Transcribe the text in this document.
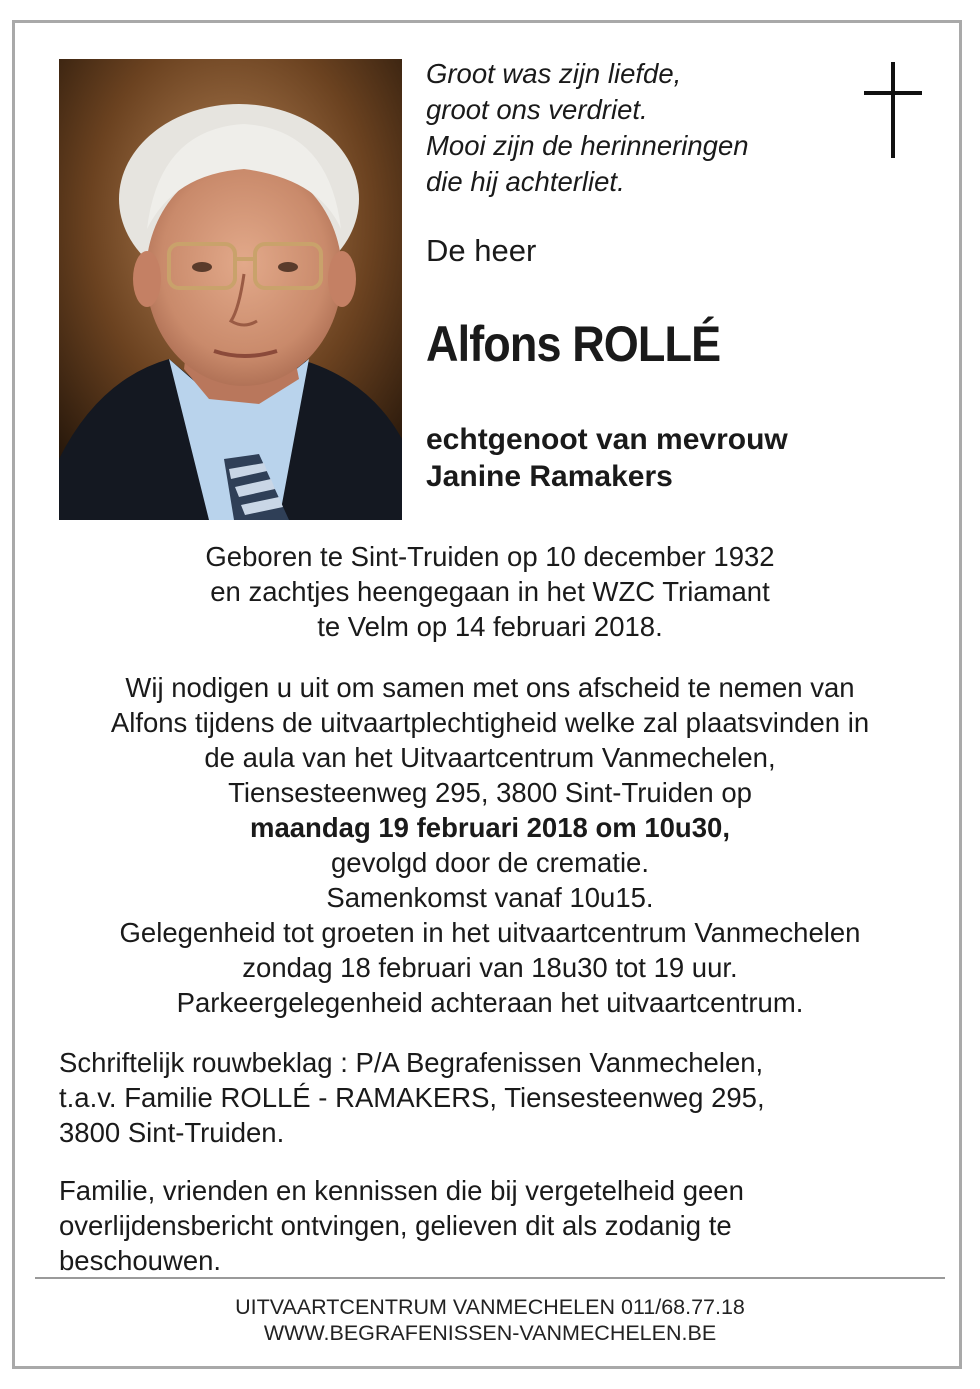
Groot was zijn liefde,
groot ons verdriet.
Mooi zijn de herinneringen
die hij achterliet.
De heer
Alfons ROLLÉ
echtgenoot van mevrouw
Janine Ramakers
Geboren te Sint-Truiden op 10 december 1932
en zachtjes heengegaan in het WZC Triamant
te Velm op 14 februari 2018.
Wij nodigen u uit om samen met ons afscheid te nemen van
Alfons tijdens de uitvaartplechtigheid welke zal plaatsvinden in
de aula van het Uitvaartcentrum Vanmechelen,
Tiensesteenweg 295, 3800 Sint-Truiden op
maandag 19 februari 2018 om 10u30,
gevolgd door de crematie.
Samenkomst vanaf 10u15.
Gelegenheid tot groeten in het uitvaartcentrum Vanmechelen
zondag 18 februari van 18u30 tot 19 uur.
Parkeergelegenheid achteraan het uitvaartcentrum.
Schriftelijk rouwbeklag : P/A Begrafenissen Vanmechelen,
t.a.v. Familie ROLLÉ - RAMAKERS, Tiensesteenweg 295,
3800 Sint-Truiden.
Familie, vrienden en kennissen die bij vergetelheid geen
overlijdensbericht ontvingen, gelieven dit als zodanig te
beschouwen.
UITVAARTCENTRUM VANMECHELEN 011/68.77.18
WWW.BEGRAFENISSEN-VANMECHELEN.BE
